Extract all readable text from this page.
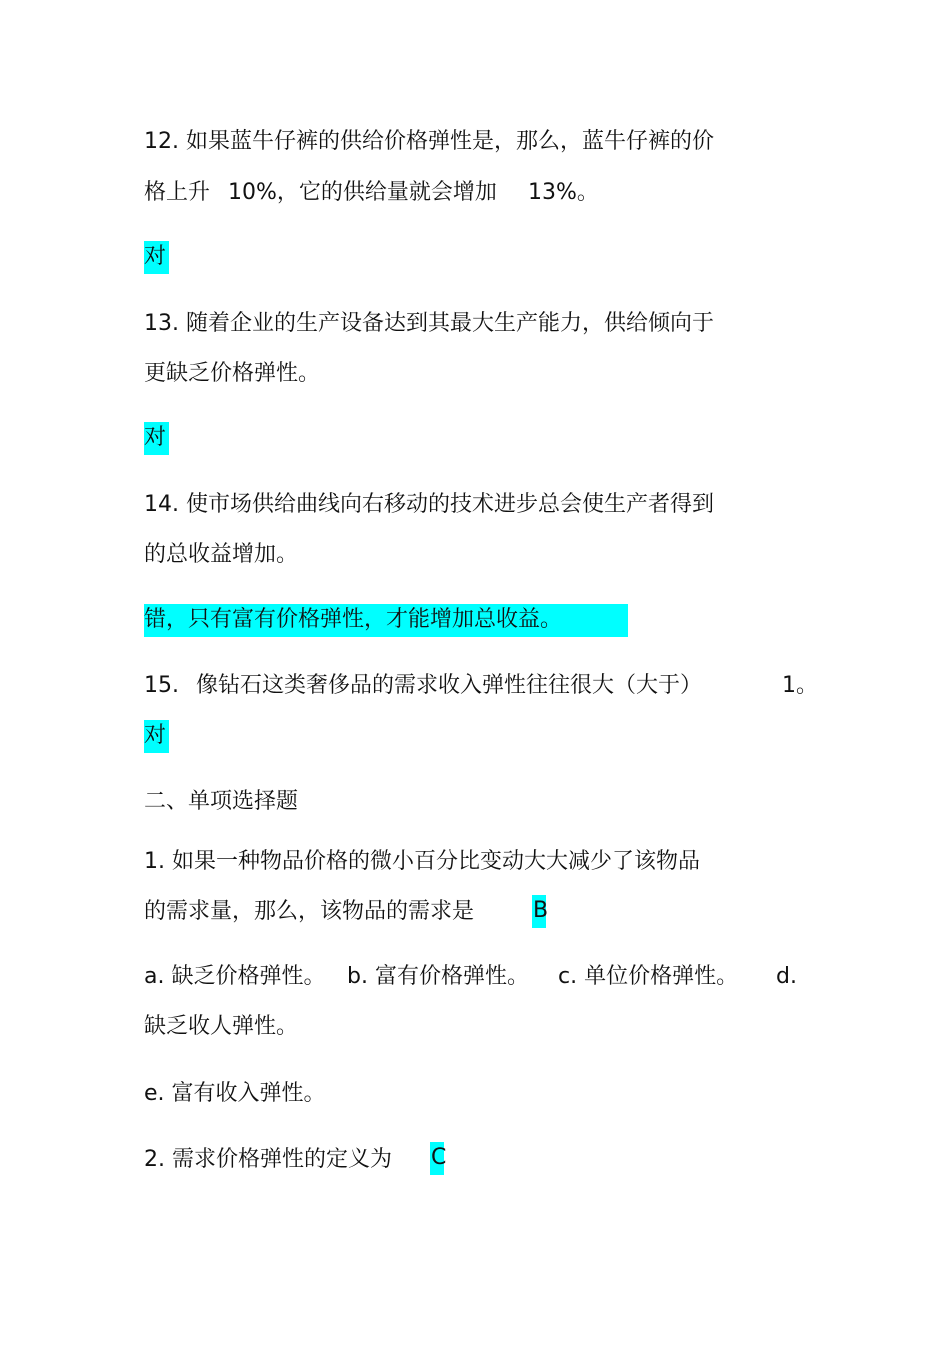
12. 如果蓝牛仔裤的供给价格弹性是，那么，蓝牛仔裤的价
格上升 10%，它的供给量就会增加 13%。
对
13. 随着企业的生产设备达到其最大生产能力，供给倾向于
更缺乏价格弹性。
对
14. 使市场供给曲线向右移动的技术进步总会使生产者得到
的总收益增加。
错，只有富有价格弹性，才能增加总收益。
15. 像钻石这类奢侈品的需求收入弹性往往很大（大于）	1。
对
二、单项选择题
1. 如果一种物品价格的微小百分比变动大大减少了该物品
的需求量，那么，该物品的需求是	B
a. 缺乏价格弹性。 b. 富有价格弹性。 c. 单位价格弹性。 d.
缺乏收人弹性。
e. 富有收入弹性。
2. 需求价格弹性的定义为 C
